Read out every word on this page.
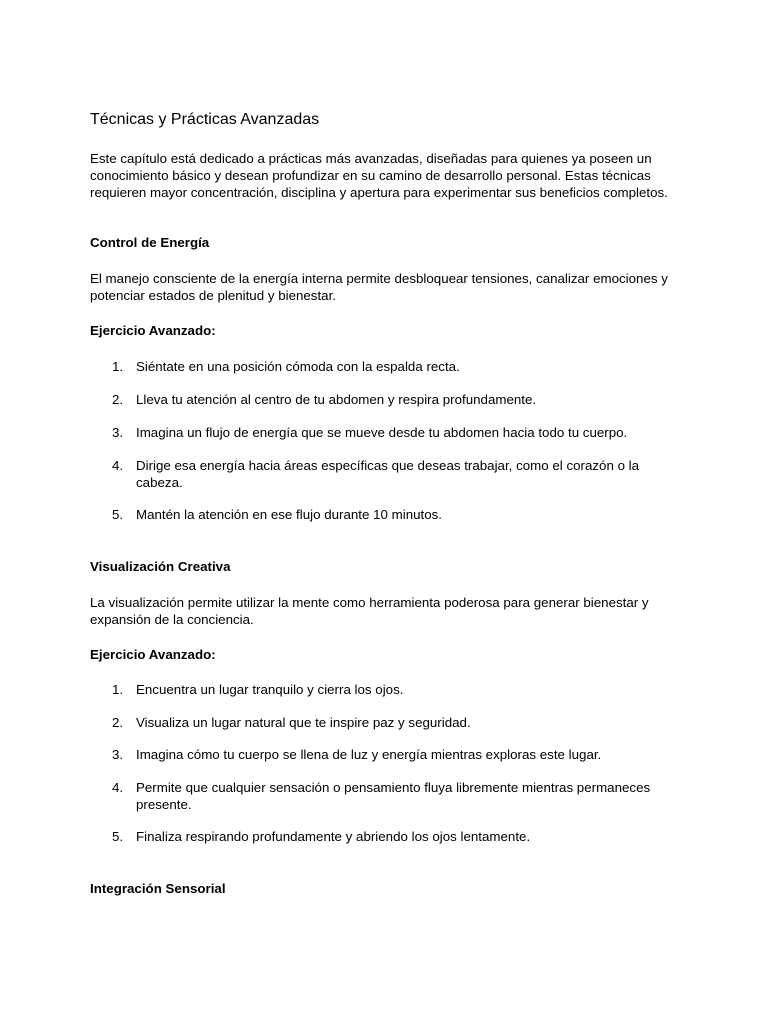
Técnicas y Prácticas Avanzadas

Este capítulo está dedicado a prácticas más avanzadas, diseñadas para quienes ya poseen un conocimiento básico y desean profundizar en su camino de desarrollo personal. Estas técnicas requieren mayor concentración, disciplina y apertura para experimentar sus beneficios completos.

Control de Energía

El manejo consciente de la energía interna permite desbloquear tensiones, canalizar emociones y potenciar estados de plenitud y bienestar.

Ejercicio Avanzado:
1. Siéntate en una posición cómoda con la espalda recta.
2. Lleva tu atención al centro de tu abdomen y respira profundamente.
3. Imagina un flujo de energía que se mueve desde tu abdomen hacia todo tu cuerpo.
4. Dirige esa energía hacia áreas específicas que deseas trabajar, como el corazón o la cabeza.
5. Mantén la atención en ese flujo durante 10 minutos.
Visualización Creativa

La visualización permite utilizar la mente como herramienta poderosa para generar bienestar y expansión de la conciencia.

Ejercicio Avanzado:
1. Encuentra un lugar tranquilo y cierra los ojos.
2. Visualiza un lugar natural que te inspire paz y seguridad.
3. Imagina cómo tu cuerpo se llena de luz y energía mientras exploras este lugar.
4. Permite que cualquier sensación o pensamiento fluya libremente mientras permaneces presente.
5. Finaliza respirando profundamente y abriendo los ojos lentamente.
Integración Sensorial
